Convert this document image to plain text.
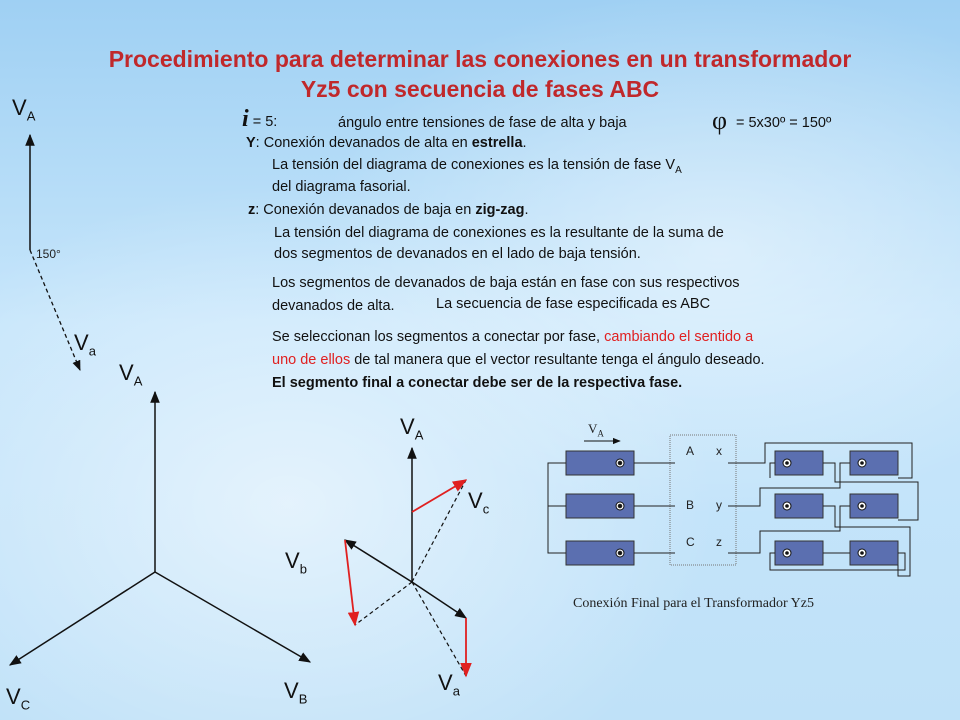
Procedimiento para determinar las conexiones en un transformador
Yz5 con secuencia de fases ABC
$V_A$
150°
$V_a$
$V_A$
$V_B$
$V_C$
$V_A$
$V_b$
$V_c$
$V_a$
i = 5:	ángulo entre tensiones de fase de alta y baja	φ = 5x30º = 150º
Y: Conexión devanados de alta en estrella.
La tensión del diagrama de conexiones es la tensión de fase $V_A$
del diagrama fasorial.
z: Conexión devanados de baja en zig-zag.
La tensión del diagrama de conexiones es la resultante de la suma de
dos segmentos de devanados en el lado de baja tensión.
Los segmentos de devanados de baja están en fase con sus respectivos
devanados de alta.	La secuencia de fase especificada es ABC
Se seleccionan los segmentos a conectar por fase, cambiando el sentido a
uno de ellos de tal manera que el vector resultante tenga el ángulo deseado.
El segmento final a conectar debe ser de la respectiva fase.
$V_A$
A
B
C
x
y
z
Conexión Final para el Transformador Yz5
